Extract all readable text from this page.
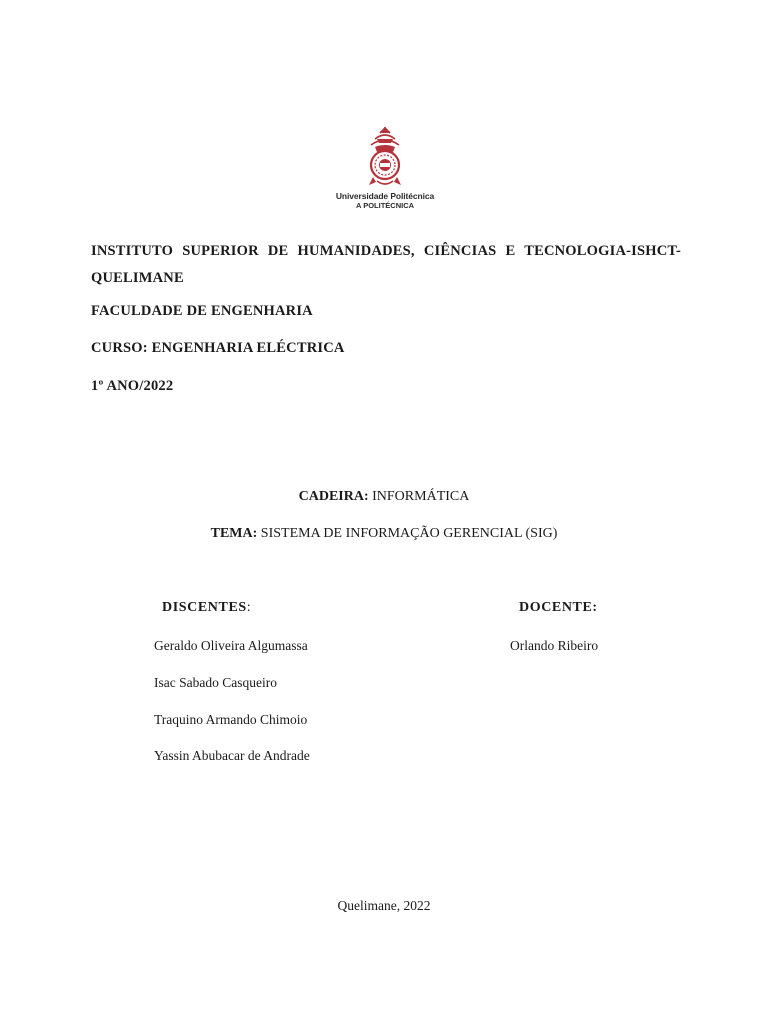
Universidade Politécnica
A POLITÉCNICA
INSTITUTO SUPERIOR DE HUMANIDADES, CIÊNCIAS E TECNOLOGIA-ISHCT-QUELIMANE
FACULDADE DE ENGENHARIA
CURSO: ENGENHARIA ELÉCTRICA
1º ANO/2022
CADEIRA: INFORMÁTICA
TEMA: SISTEMA DE INFORMAÇÃO GERENCIAL (SIG)
DISCENTES:	DOCENTE:
Geraldo Oliveira Algumassa
Isac Sabado Casqueiro
Traquino Armando Chimoio
Yassin Abubacar de Andrade
Orlando Ribeiro
Quelimane, 2022
